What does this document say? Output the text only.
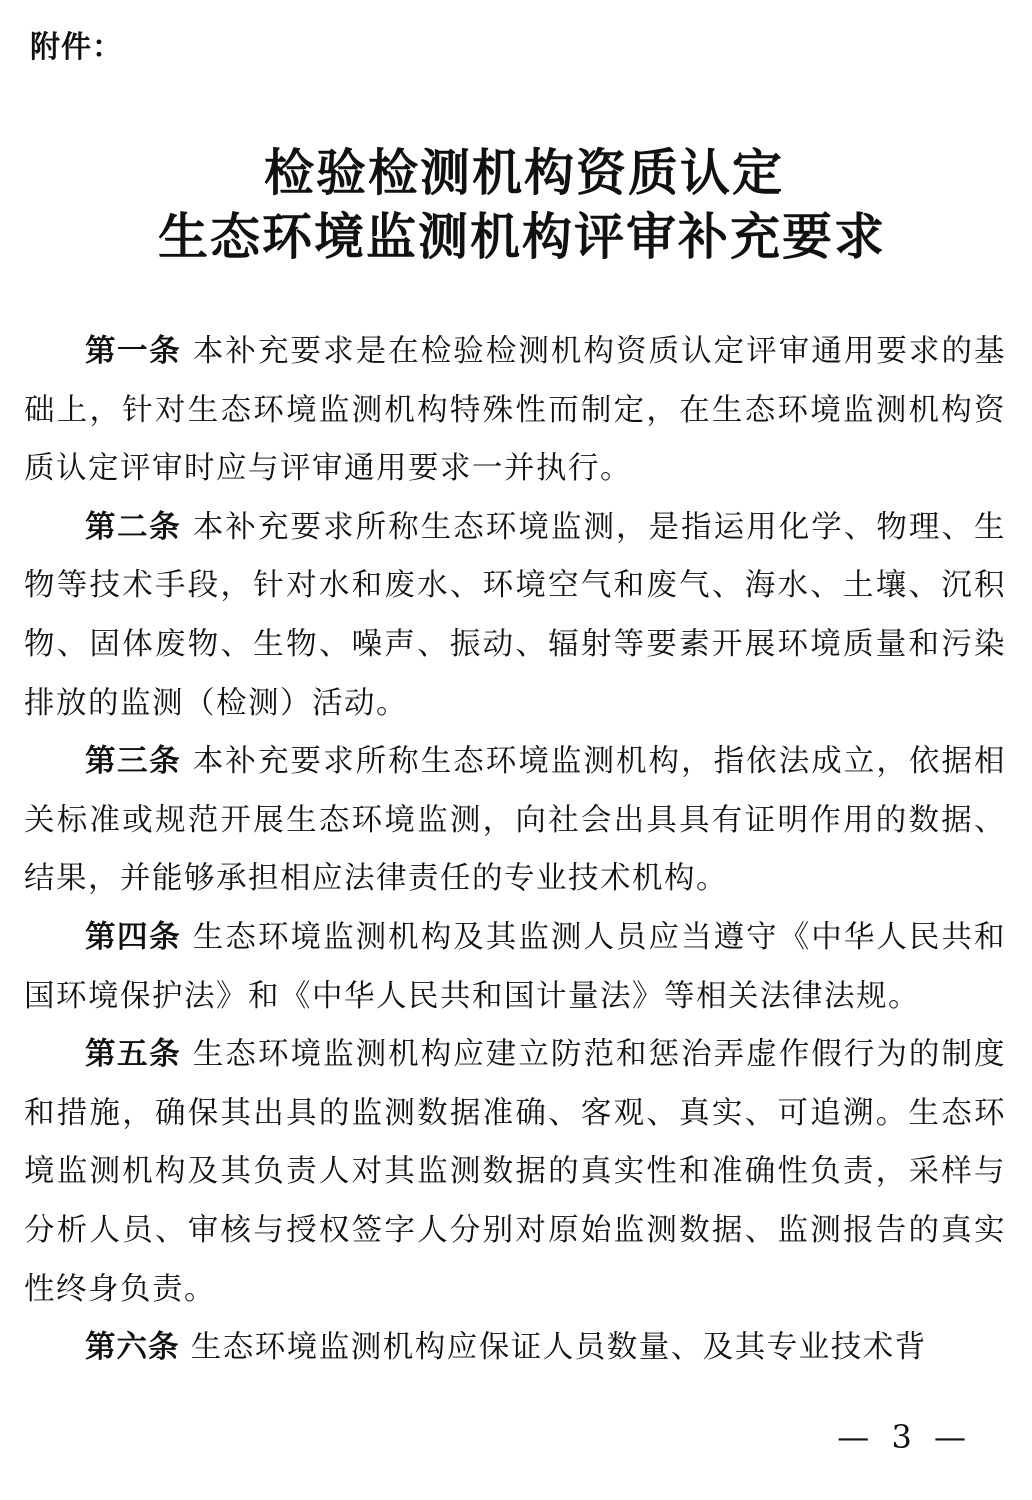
附件：
检验检测机构资质认定
生态环境监测机构评审补充要求

第一条 本补充要求是在检验检测机构资质认定评审通用要求的基础上，针对生态环境监测机构特殊性而制定，在生态环境监测机构资质认定评审时应与评审通用要求一并执行。

第二条 本补充要求所称生态环境监测，是指运用化学、物理、生物等技术手段，针对水和废水、环境空气和废气、海水、土壤、沉积物、固体废物、生物、噪声、振动、辐射等要素开展环境质量和污染排放的监测（检测）活动。

第三条 本补充要求所称生态环境监测机构，指依法成立，依据相关标准或规范开展生态环境监测，向社会出具具有证明作用的数据、结果，并能够承担相应法律责任的专业技术机构。

第四条 生态环境监测机构及其监测人员应当遵守《中华人民共和国环境保护法》和《中华人民共和国计量法》等相关法律法规。

第五条 生态环境监测机构应建立防范和惩治弄虚作假行为的制度和措施，确保其出具的监测数据准确、客观、真实、可追溯。生态环境监测机构及其负责人对其监测数据的真实性和准确性负责，采样与分析人员、审核与授权签字人分别对原始监测数据、监测报告的真实性终身负责。

第六条 生态环境监测机构应保证人员数量、及其专业技术背

— 3 —
